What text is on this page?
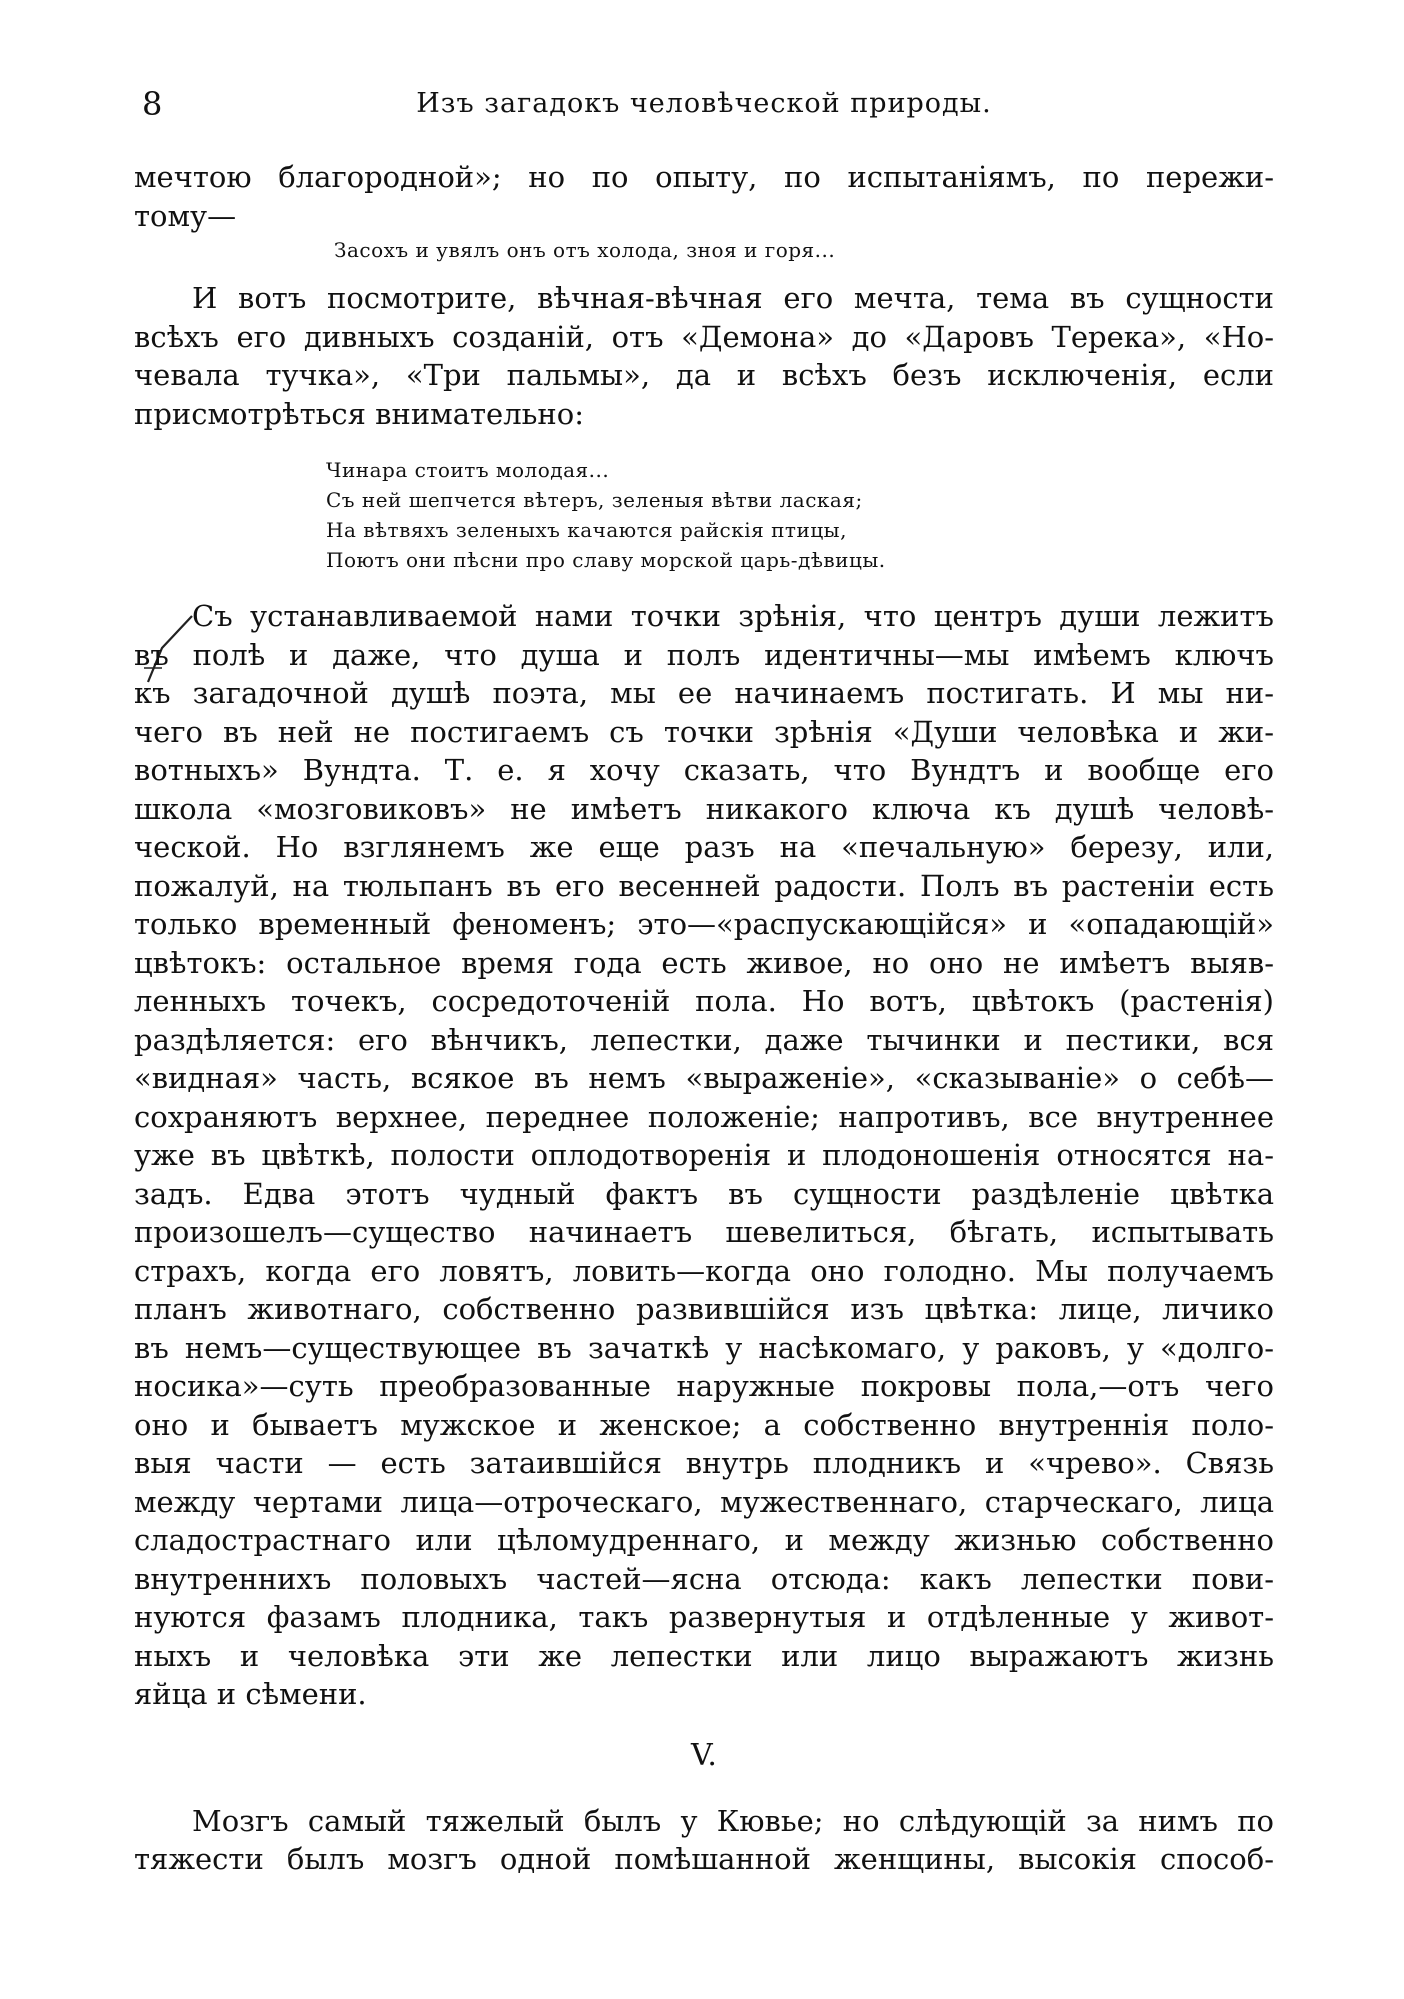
8	Изъ загадокъ человѣческой природы.
мечтою благородной»; но по опыту, по испытаніямъ, по пережи-
тому—
Засохъ и увялъ онъ отъ холода, зноя и горя...
И вотъ посмотрите, вѣчная-вѣчная его мечта, тема въ сущности
всѣхъ его дивныхъ созданій, отъ «Демона» до «Даровъ Терека», «Но-
чевала тучка», «Три пальмы», да и всѣхъ безъ исключенія, если
присмотрѣться внимательно:
Чинара стоитъ молодая...
Съ ней шепчется вѣтеръ, зеленыя вѣтви лаская;
На вѣтвяхъ зеленыхъ качаются райскія птицы,
Поютъ они пѣсни про славу морской царь-дѣвицы.
Съ устанавливаемой нами точки зрѣнія, что центръ души лежитъ
въ полѣ и даже, что душа и полъ идентичны—мы имѣемъ ключъ
къ загадочной душѣ поэта, мы ее начинаемъ постигать. И мы ни-
чего въ ней не постигаемъ съ точки зрѣнія «Души человѣка и жи-
вотныхъ» Вундта. Т. е. я хочу сказать, что Вундтъ и вообще его
школа «мозговиковъ» не имѣетъ никакого ключа къ душѣ человѣ-
ческой. Но взглянемъ же еще разъ на «печальную» березу, или,
пожалуй, на тюльпанъ въ его весенней радости. Полъ въ растеніи есть
только временный феноменъ; это—«распускающійся» и «опадающій»
цвѣтокъ: остальное время года есть живое, но оно не имѣетъ выяв-
ленныхъ точекъ, сосредоточеній пола. Но вотъ, цвѣтокъ (растенія)
раздѣляется: его вѣнчикъ, лепестки, даже тычинки и пестики, вся
«видная» часть, всякое въ немъ «выраженіе», «сказываніе» о себѣ—
сохраняютъ верхнее, переднее положеніе; напротивъ, все внутреннее
уже въ цвѣткѣ, полости оплодотворенія и плодоношенія относятся на-
задъ. Едва этотъ чудный фактъ въ сущности раздѣленіе цвѣтка
произошелъ—существо начинаетъ шевелиться, бѣгать, испытывать
страхъ, когда его ловятъ, ловить—когда оно голодно. Мы получаемъ
планъ животнаго, собственно развившійся изъ цвѣтка: лице, личико
въ немъ—существующее въ зачаткѣ у насѣкомаго, у раковъ, у «долго-
носика»—суть преобразованные наружные покровы пола,—отъ чего
оно и бываетъ мужское и женское; а собственно внутреннія поло-
выя части — есть затаившійся внутрь плодникъ и «чрево». Связь
между чертами лица—отроческаго, мужественнаго, старческаго, лица
сладострастнаго или цѣломудреннаго, и между жизнью собственно
внутреннихъ половыхъ частей—ясна отсюда: какъ лепестки пови-
нуются фазамъ плодника, такъ развернутыя и отдѣленные у живот-
ныхъ и человѣка эти же лепестки или лицо выражаютъ жизнь
яйца и сѣмени.
V.
Мозгъ самый тяжелый былъ у Кювье; но слѣдующій за нимъ по
тяжести былъ мозгъ одной помѣшанной женщины, высокія способ-
